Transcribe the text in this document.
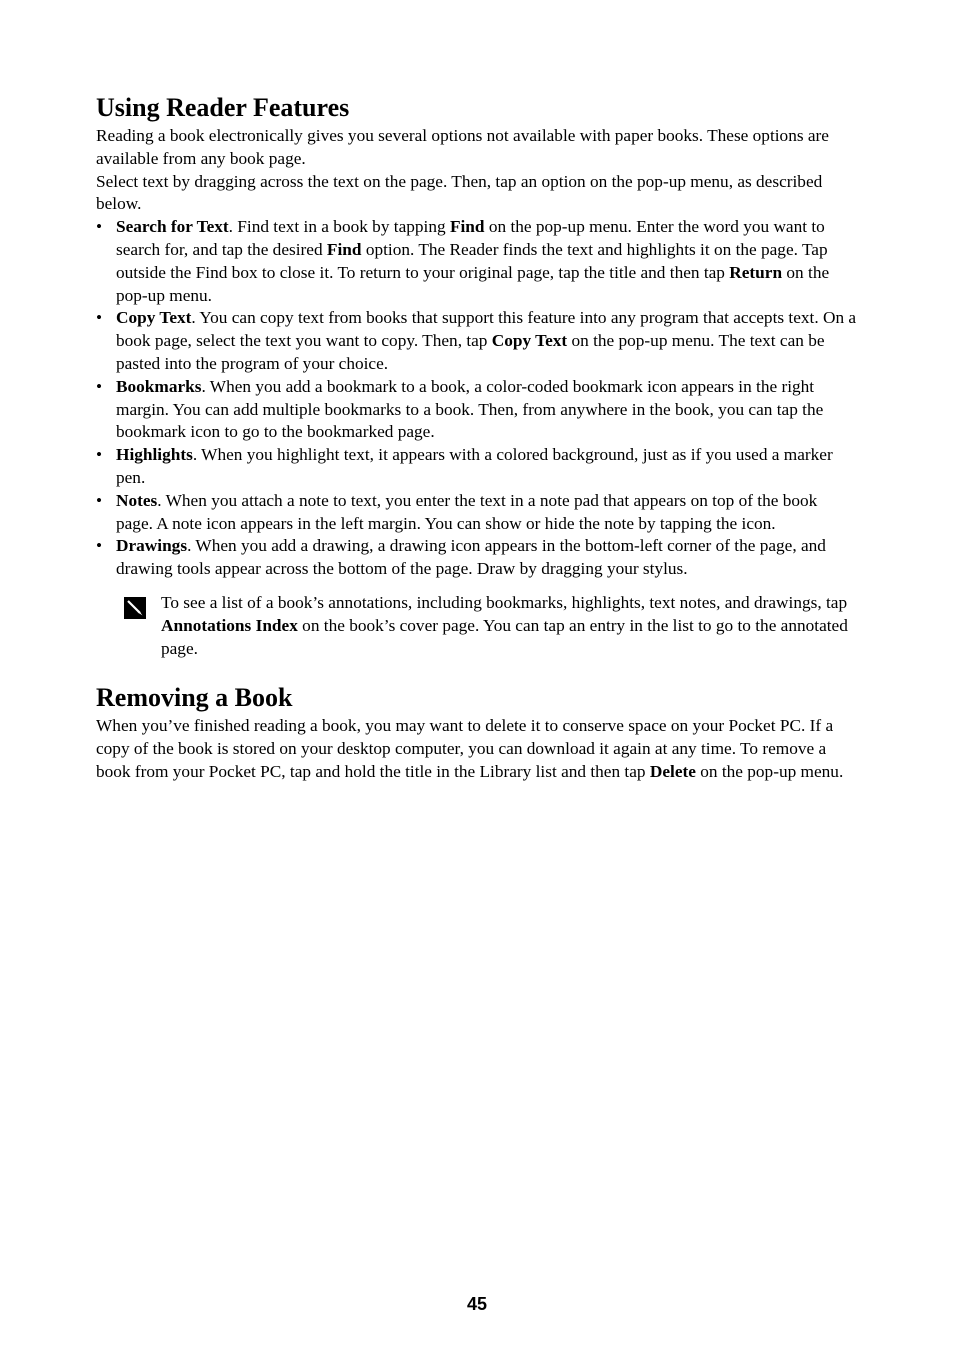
Using Reader Features

Reading a book electronically gives you several options not available with paper books. These options are available from any book page.

Select text by dragging across the text on the page. Then, tap an option on the pop-up menu, as described below.

• Search for Text. Find text in a book by tapping Find on the pop-up menu. Enter the word you want to search for, and tap the desired Find option. The Reader finds the text and highlights it on the page. Tap outside the Find box to close it. To return to your original page, tap the title and then tap Return on the pop-up menu.
• Copy Text. You can copy text from books that support this feature into any program that accepts text. On a book page, select the text you want to copy. Then, tap Copy Text on the pop-up menu. The text can be pasted into the program of your choice.
• Bookmarks. When you add a bookmark to a book, a color-coded bookmark icon appears in the right margin. You can add multiple bookmarks to a book. Then, from anywhere in the book, you can tap the bookmark icon to go to the bookmarked page.
• Highlights. When you highlight text, it appears with a colored background, just as if you used a marker pen.
• Notes. When you attach a note to text, you enter the text in a note pad that appears on top of the book page. A note icon appears in the left margin. You can show or hide the note by tapping the icon.
• Drawings. When you add a drawing, a drawing icon appears in the bottom-left corner of the page, and drawing tools appear across the bottom of the page. Draw by dragging your stylus.
To see a list of a book’s annotations, including bookmarks, highlights, text notes, and drawings, tap Annotations Index on the book’s cover page. You can tap an entry in the list to go to the annotated page.
Removing a Book

When you’ve finished reading a book, you may want to delete it to conserve space on your Pocket PC. If a copy of the book is stored on your desktop computer, you can download it again at any time. To remove a book from your Pocket PC, tap and hold the title in the Library list and then tap Delete on the pop-up menu.

45
